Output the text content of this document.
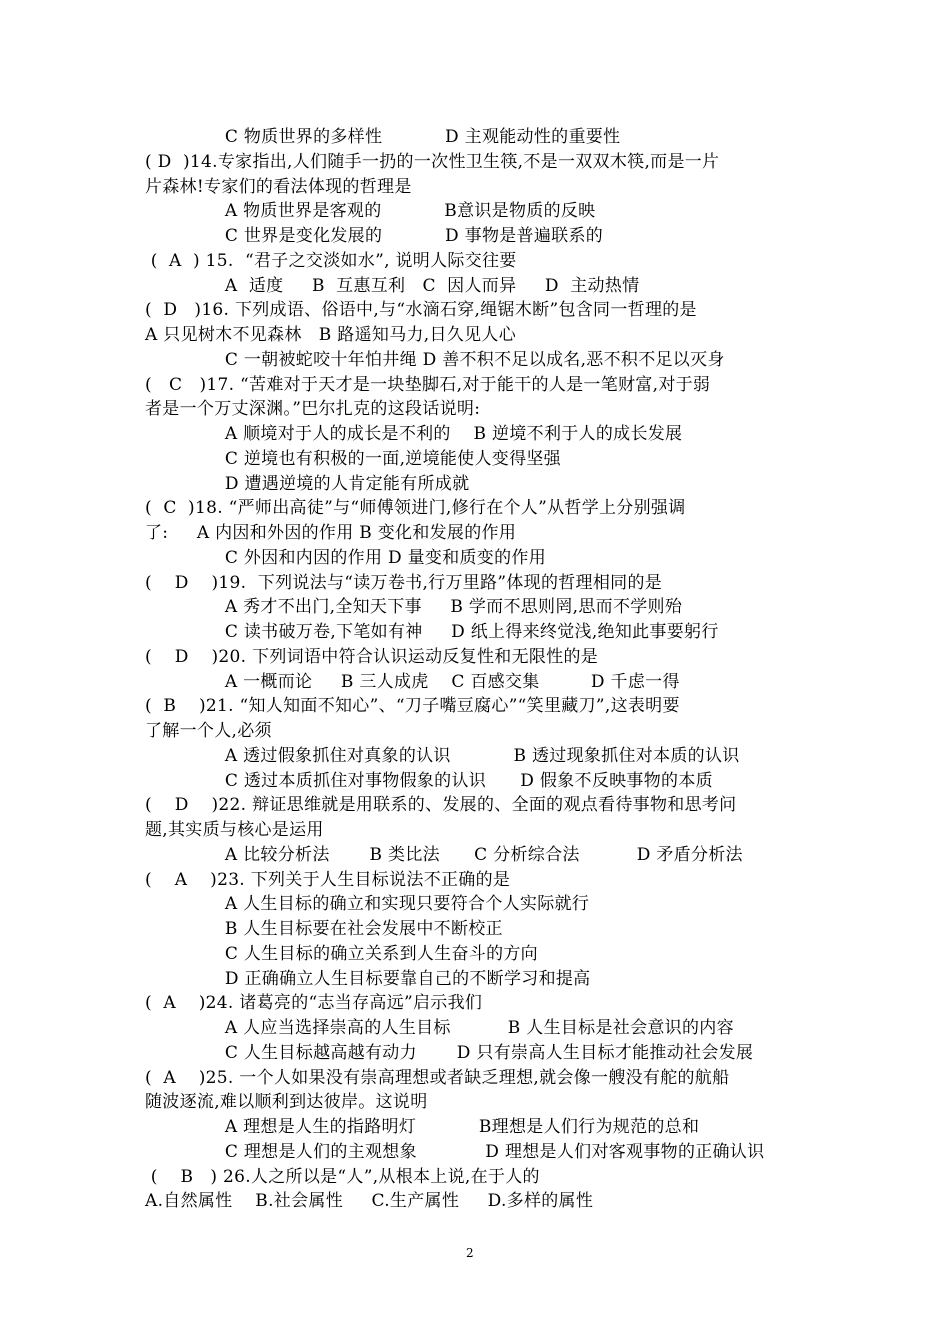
C 物质世界的多样性           D 主观能动性的重要性
( D  )14.专家指出,人们随手一扔的一次性卫生筷,不是一双双木筷,而是一片
片森林!专家们的看法体现的哲理是
A 物质世界是客观的           B意识是物质的反映
C 世界是变化发展的           D 事物是普遍联系的
(  A  ) 15.  “君子之交淡如水”, 说明人际交往要
A  适度     B  互惠互利   C  因人而异     D  主动热情
(  D   )16. 下列成语、俗语中,与“水滴石穿,绳锯木断”包含同一哲理的是
A 只见树木不见森林   B 路遥知马力,日久见人心
C 一朝被蛇咬十年怕井绳 D 善不积不足以成名,恶不积不足以灭身
(   C   )17. “苦难对于天才是一块垫脚石,对于能干的人是一笔财富,对于弱
者是一个万丈深渊。”巴尔扎克的这段话说明:
A 顺境对于人的成长是不利的    B 逆境不利于人的成长发展
C 逆境也有积极的一面,逆境能使人变得坚强
D 遭遇逆境的人肯定能有所成就
(  C  )18. “严师出高徒”与“师傅领进门,修行在个人”从哲学上分别强调
了:     A 内因和外因的作用 B 变化和发展的作用
C 外因和内因的作用 D 量变和质变的作用
(    D    )19.  下列说法与“读万卷书,行万里路”体现的哲理相同的是
A 秀才不出门,全知天下事     B 学而不思则罔,思而不学则殆
C 读书破万卷,下笔如有神     D 纸上得来终觉浅,绝知此事要躬行
(    D    )20. 下列词语中符合认识运动反复性和无限性的是
A 一概而论     B 三人成虎    C 百感交集         D 千虑一得
(  B    )21. “知人知面不知心”、“刀子嘴豆腐心”“笑里藏刀”,这表明要
了解一个人,必须
A 透过假象抓住对真象的认识           B 透过现象抓住对本质的认识
C 透过本质抓住对事物假象的认识      D 假象不反映事物的本质
(    D    )22. 辩证思维就是用联系的、发展的、全面的观点看待事物和思考问
题,其实质与核心是运用
A 比较分析法       B 类比法      C 分析综合法          D 矛盾分析法
(    A    )23. 下列关于人生目标说法不正确的是
A 人生目标的确立和实现只要符合个人实际就行
B 人生目标要在社会发展中不断校正
C 人生目标的确立关系到人生奋斗的方向
D 正确确立人生目标要靠自己的不断学习和提高
(  A    )24. 诸葛亮的“志当存高远”启示我们
A 人应当选择崇高的人生目标          B 人生目标是社会意识的内容
C 人生目标越高越有动力       D 只有崇高人生目标才能推动社会发展
(  A    )25. 一个人如果没有崇高理想或者缺乏理想,就会像一艘没有舵的航船
随波逐流,难以顺利到达彼岸。这说明
A 理想是人生的指路明灯           B理想是人们行为规范的总和
C 理想是人们的主观想象            D 理想是人们对客观事物的正确认识
(    B   ) 26.人之所以是“人”,从根本上说,在于人的
A.自然属性    B.社会属性     C.生产属性     D.多样的属性
2
